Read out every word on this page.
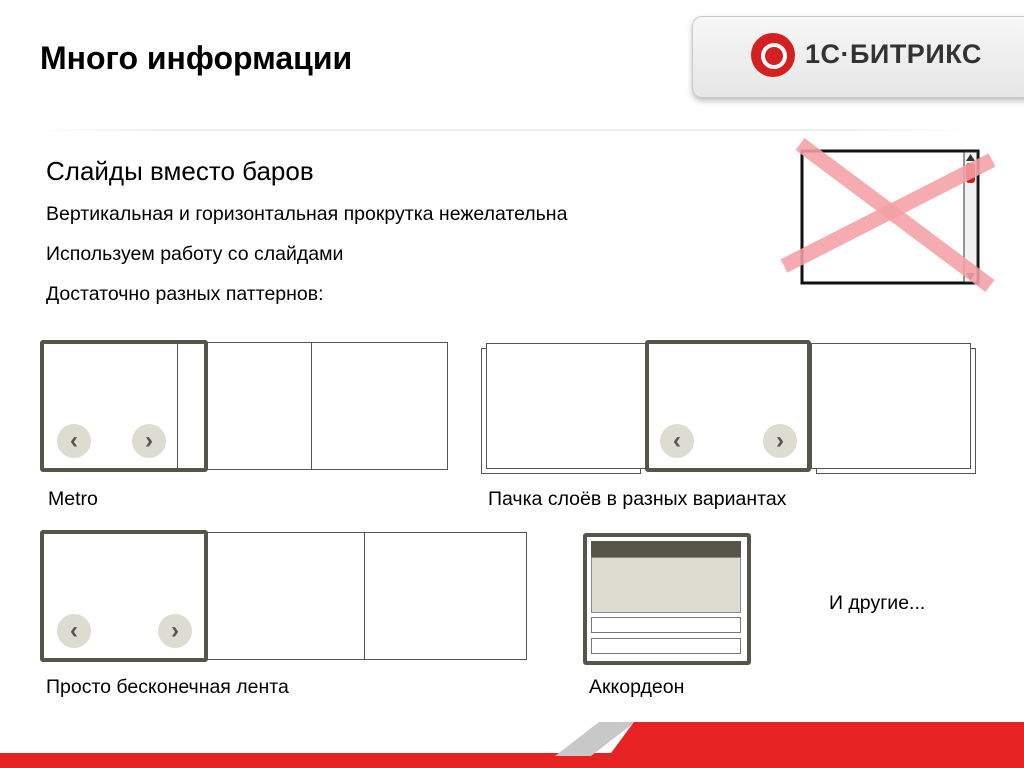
Много информации	1С·БИТРИКС
Слайды вместо баров
Вертикальная и горизонтальная прокрутка нежелательна
Используем работу со слайдами
Достаточно разных паттернов:
‹	›
Metro
‹	›
Пачка слоёв в разных вариантах
‹	›
Просто бесконечная лента	Аккордеон
И другие...
